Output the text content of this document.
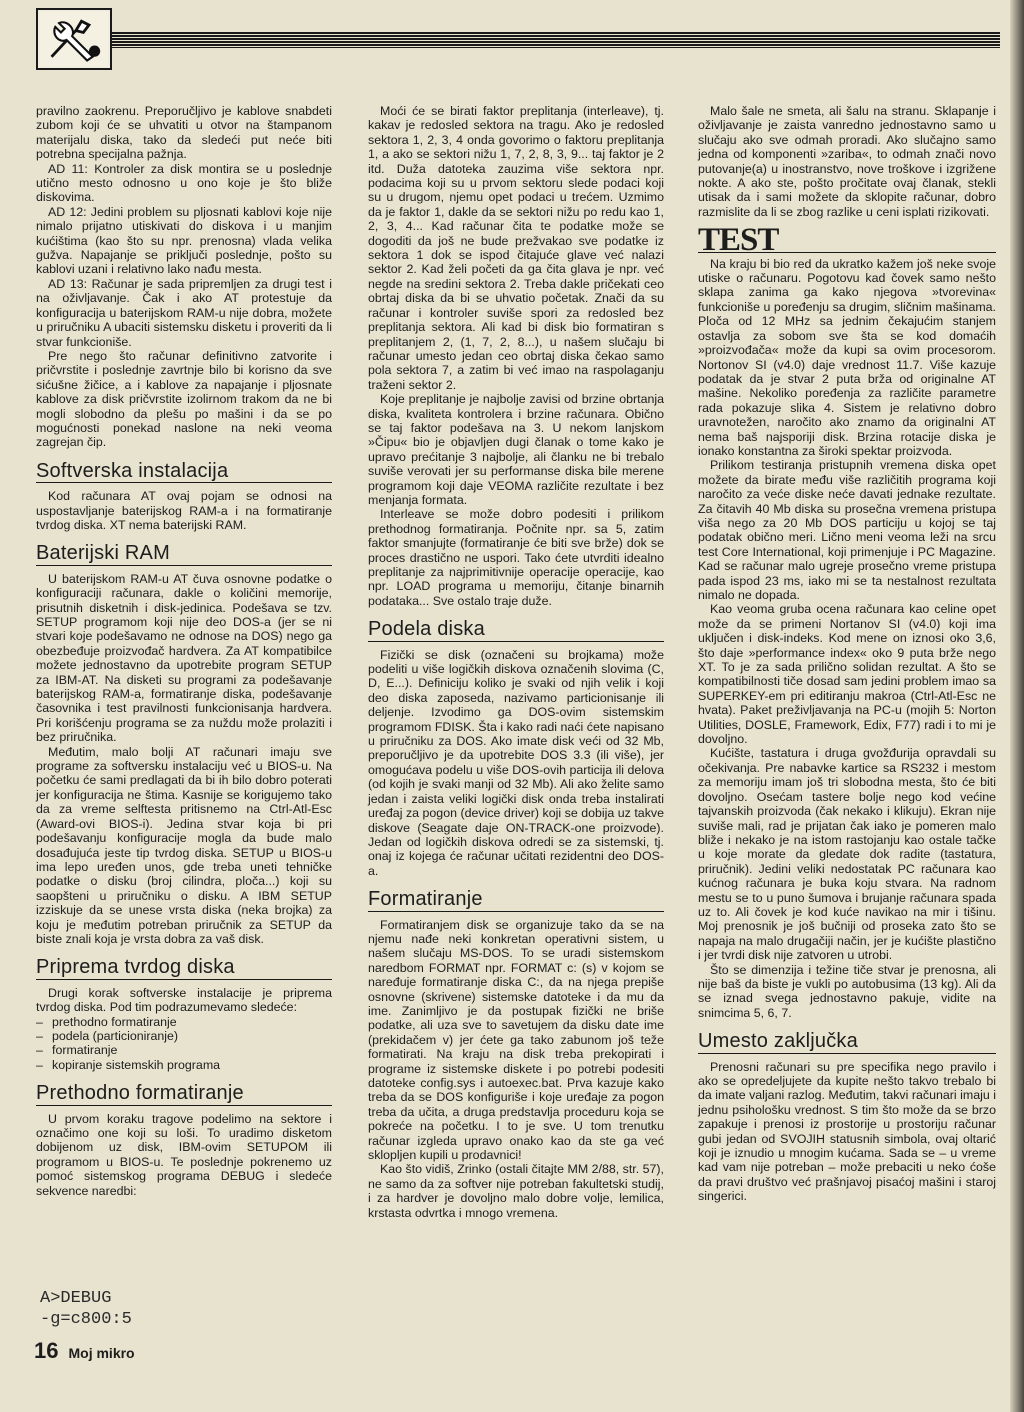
pravilno zaokrenu. Preporučljivo je kablove snabdeti zubom koji će se uhvatiti u otvor na štampanom materijalu diska, tako da sledeći put neće biti potrebna specijalna pažnja.

AD 11: Kontroler za disk montira se u poslednje utično mesto odnosno u ono koje je što bliže diskovima.

AD 12: Jedini problem su pljosnati kablovi koje nije nimalo prijatno utiskivati do diskova i u manjim kućištima (kao što su npr. prenosna) vlada velika gužva. Napajanje se priključi poslednje, pošto su kablovi uzani i relativno lako nađu mesta.

AD 13: Računar je sada pripremljen za drugi test i na oživljavanje. Čak i ako AT protestuje da konfiguracija u baterijskom RAM-u nije dobra, možete u priručniku A ubaciti sistemsku disketu i proveriti da li stvar funkcioniše.

Pre nego što računar definitivno zatvorite i pričvrstite i poslednje zavrtnje bilo bi korisno da sve sićušne žičice, a i kablove za napajanje i pljosnate kablove za disk pričvrstite izolirnom trakom da ne bi mogli slobodno da plešu po mašini i da se po mogućnosti ponekad naslone na neki veoma zagrejan čip.

Softverska instalacija

Kod računara AT ovaj pojam se odnosi na uspostavljanje baterijskog RAM-a i na formatiranje tvrdog diska. XT nema baterijski RAM.

Baterijski RAM

U baterijskom RAM-u AT čuva osnovne podatke o konfiguraciji računara, dakle o količini memorije, prisutnih disketnih i disk-jedinica. Podešava se tzv. SETUP programom koji nije deo DOS-a (jer se ni stvari koje podešavamo ne odnose na DOS) nego ga obezbeđuje proizvođač hardvera. Za AT kompatibilce možete jednostavno da upotrebite program SETUP za IBM-AT. Na disketi su programi za podešavanje baterijskog RAM-a, formatiranje diska, podešavanje časovnika i test pravilnosti funkcionisanja hardvera. Pri korišćenju programa se za nuždu može prolaziti i bez priručnika.

Međutim, malo bolji AT računari imaju sve programe za softversku instalaciju već u BIOS-u. Na početku će sami predlagati da bi ih bilo dobro poterati jer konfiguracija ne štima. Kasnije se korigujemo tako da za vreme selftesta pritisnemo na Ctrl-Atl-Esc (Award-ovi BIOS-i). Jedina stvar koja bi pri podešavanju konfiguracije mogla da bude malo dosađujuća jeste tip tvrdog diska. SETUP u BIOS-u ima lepo uređen unos, gde treba uneti tehničke podatke o disku (broj cilindra, ploča...) koji su saopšteni u priručniku o disku. A IBM SETUP izziskuje da se unese vrsta diska (neka brojka) za koju je međutim potreban priručnik za SETUP da biste znali koja je vrsta dobra za vaš disk.

Priprema tvrdog diska

Drugi korak softverske instalacije je priprema tvrdog diska. Pod tim podrazumevamo sledeće:

– prethodno formatiranje
– podela (particioniranje)
– formatiranje
– kopiranje sistemskih programa
Prethodno formatiranje

U prvom koraku tragove podelimo na sektore i označimo one koji su loši. To uradimo disketom dobijenom uz disk, IBM-ovim SETUPOM ili programom u BIOS-u. Te poslednje pokrenemo uz pomoć sistemskog programa DEBUG i sledeće sekvence naredbi:

A>DEBUG
-g=c800:5
16 Moj mikro

Moći će se birati faktor preplitanja (interleave), tj. kakav je redosled sektora na tragu. Ako je redosled sektora 1, 2, 3, 4 onda govorimo o faktoru preplitanja 1, a ako se sektori nižu 1, 7, 2, 8, 3, 9... taj faktor je 2 itd. Duža datoteka zauzima više sektora npr. podacima koji su u prvom sektoru slede podaci koji su u drugom, njemu opet podaci u trećem. Uzmimo da je faktor 1, dakle da se sektori nižu po redu kao 1, 2, 3, 4... Kad računar čita te podatke može se dogoditi da još ne bude prežvakao sve podatke iz sektora 1 dok se ispod čitajuće glave već nalazi sektor 2. Kad želi početi da ga čita glava je npr. već negde na sredini sektora 2. Treba dakle pričekati ceo obrtaj diska da bi se uhvatio početak. Znači da su računar i kontroler suviše spori za redosled bez preplitanja sektora. Ali kad bi disk bio formatiran s preplitanjem 2, (1, 7, 2, 8...), u našem slučaju bi računar umesto jedan ceo obrtaj diska čekao samo pola sektora 7, a zatim bi već imao na raspolaganju traženi sektor 2.

Koje preplitanje je najbolje zavisi od brzine obrtanja diska, kvaliteta kontrolera i brzine računara. Obično se taj faktor podešava na 3. U nekom lanjskom »Čipu« bio je objavljen dugi članak o tome kako je upravo prećitanje 3 najbolje, ali članku ne bi trebalo suviše verovati jer su performanse diska bile merene programom koji daje VEOMA različite rezultate i bez menjanja formata.

Interleave se može dobro podesiti i prilikom prethodnog formatiranja. Počnite npr. sa 5, zatim faktor smanjujte (formatiranje će biti sve brže) dok se proces drastično ne uspori. Tako ćete utvrditi idealno preplitanje za najprimitivnije operacije operacije, kao npr. LOAD programa u memoriju, čitanje binarnih podataka... Sve ostalo traje duže.

Podela diska

Fizički se disk (označeni su brojkama) može podeliti u više logičkih diskova označenih slovima (C, D, E...). Definiciju koliko je svaki od njih velik i koji deo diska zaposeda, nazivamo particionisanje ili deljenje. Izvodimo ga DOS-ovim sistemskim programom FDISK. Šta i kako radi naći ćete napisano u priručniku za DOS. Ako imate disk veći od 32 Mb, preporučljivo je da upotrebite DOS 3.3 (ili više), jer omogućava podelu u više DOS-ovih particija ili delova (od kojih je svaki manji od 32 Mb). Ali ako želite samo jedan i zaista veliki logički disk onda treba instalirati uređaj za pogon (device driver) koji se dobija uz takve diskove (Seagate daje ON-TRACK-one proizvode). Jedan od logičkih diskova odredi se za sistemski, tj. onaj iz kojega će računar učitati rezidentni deo DOS-a.

Formatiranje

Formatiranjem disk se organizuje tako da se na njemu nađe neki konkretan operativni sistem, u našem slučaju MS-DOS. To se uradi sistemskom naredbom FORMAT npr. FORMAT c: (s) v kojom se naređuje formatiranje diska C:, da na njega prepiše osnovne (skrivene) sistemske datoteke i da mu da ime. Zanimljivo je da postupak fizički ne briše podatke, ali uza sve to savetujem da disku date ime (prekidačem v) jer ćete ga tako zabunom još teže formatirati. Na kraju na disk treba prekopirati i programe iz sistemske diskete i po potrebi podesiti datoteke config.sys i autoexec.bat. Prva kazuje kako treba da se DOS konfiguriše i koje uređaje za pogon treba da učita, a druga predstavlja proceduru koja se pokreće na početku. I to je sve. U tom trenutku računar izgleda upravo onako kao da ste ga već sklopljen kupili u prodavnici!

Kao što vidiš, Zrinko (ostali čitajte MM 2/88, str. 57), ne samo da za softver nije potreban fakultetski studij, i za hardver je dovoljno malo dobre volje, lemilica, krstasta odvrtka i mnogo vremena.

Malo šale ne smeta, ali šalu na stranu. Sklapanje i oživljavanje je zaista vanredno jednostavno samo u slučaju ako sve odmah proradi. Ako slučajno samo jedna od komponenti »zariba«, to odmah znači novo putovanje(a) u inostranstvo, nove troškove i izgrižene nokte. A ako ste, pošto pročitate ovaj članak, stekli utisak da i sami možete da sklopite računar, dobro razmislite da li se zbog razlike u ceni isplati rizikovati.

TEST

Na kraju bi bio red da ukratko kažem još neke svoje utiske o računaru. Pogotovu kad čovek samo nešto sklapa zanima ga kako njegova »tvorevina« funkcioniše u poređenju sa drugim, sličnim mašinama. Ploča od 12 MHz sa jednim čekajućim stanjem ostavlja za sobom sve šta se kod domaćih »proizvođača« može da kupi sa ovim procesorom. Nortonov SI (v4.0) daje vrednost 11.7. Više kazuje podatak da je stvar 2 puta brža od originalne AT mašine. Nekoliko poređenja za različite parametre rada pokazuje slika 4. Sistem je relativno dobro uravnotežen, naročito ako znamo da originalni AT nema baš najsporiji disk. Brzina rotacije diska je ionako konstantna za široki spektar proizvoda.

Prilikom testiranja pristupnih vremena diska opet možete da birate među više različitih programa koji naročito za veće diske neće davati jednake rezultate. Za čitavih 40 Mb diska su prosečna vremena pristupa viša nego za 20 Mb DOS particiju u kojoj se taj podatak obično meri. Lično meni veoma leži na srcu test Core International, koji primenjuje i PC Magazine. Kad se računar malo ugreje prosečno vreme pristupa pada ispod 23 ms, iako mi se ta nestalnost rezultata nimalo ne dopada.

Kao veoma gruba ocena računara kao celine opet može da se primeni Nortanov SI (v4.0) koji ima uključen i disk-indeks. Kod mene on iznosi oko 3,6, što daje »performance index« oko 9 puta brže nego XT. To je za sada prilično solidan rezultat. A što se kompatibilnosti tiče dosad sam jedini problem imao sa SUPERKEY-em pri editiranju makroa (Ctrl-Atl-Esc ne hvata). Paket preživljavanja na PC-u (mojih 5: Norton Utilities, DOSLE, Framework, Edix, F77) radi i to mi je dovoljno.

Kućište, tastatura i druga gvožđurija opravdali su očekivanja. Pre nabavke kartice sa RS232 i mestom za memoriju imam još tri slobodna mesta, što će biti dovoljno. Osećam tastere bolje nego kod većine tajvanskih proizvoda (čak nekako i klikuju). Ekran nije suviše mali, rad je prijatan čak iako je pomeren malo bliže i nekako je na istom rastojanju kao ostale tačke u koje morate da gledate dok radite (tastatura, priručnik). Jedini veliki nedostatak PC računara kao kućnog računara je buka koju stvara. Na radnom mestu se to u puno šumova i brujanje računara spada uz to. Ali čovek je kod kuće navikao na mir i tišinu. Moj prenosnik je još bučniji od proseka zato što se napaja na malo drugačiji način, jer je kućište plastično i jer tvrdi disk nije zatvoren u utrobi.

Što se dimenzija i težine tiče stvar je prenosna, ali nije baš da biste je vukli po autobusima (13 kg). Ali da se iznad svega jednostavno pakuje, vidite na snimcima 5, 6, 7.

Umesto zaključka

Prenosni računari su pre specifika nego pravilo i ako se opredeljujete da kupite nešto takvo trebalo bi da imate valjani razlog. Međutim, takvi računari imaju i jednu psihološku vrednost. S tim što može da se brzo zapakuje i prenosi iz prostorije u prostoriju računar gubi jedan od SVOJIH statusnih simbola, ovaj oltarić koji je iznudio u mnogim kućama. Sada se – u vreme kad vam nije potreban – može prebaciti u neko ćoše da pravi društvo već prašnjavoj pisaćoj mašini i staroj singerici.
